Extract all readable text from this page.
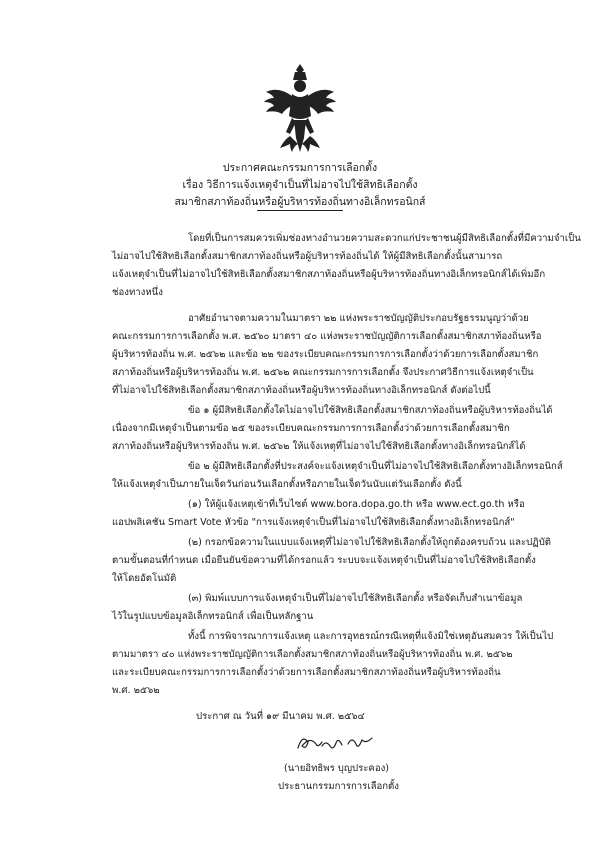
ประกาศคณะกรรมการการเลือกตั้ง
เรื่อง วิธีการแจ้งเหตุจำเป็นที่ไม่อาจไปใช้สิทธิเลือกตั้ง
สมาชิกสภาท้องถิ่นหรือผู้บริหารท้องถิ่นทางอิเล็กทรอนิกส์
โดยที่เป็นการสมควรเพิ่มช่องทางอำนวยความสะดวกแก่ประชาชนผู้มีสิทธิเลือกตั้งที่มีความจำเป็น
ไม่อาจไปใช้สิทธิเลือกตั้งสมาชิกสภาท้องถิ่นหรือผู้บริหารท้องถิ่นได้ ให้ผู้มีสิทธิเลือกตั้งนั้นสามารถ
แจ้งเหตุจำเป็นที่ไม่อาจไปใช้สิทธิเลือกตั้งสมาชิกสภาท้องถิ่นหรือผู้บริหารท้องถิ่นทางอิเล็กทรอนิกส์ได้เพิ่มอีก
ช่องทางหนึ่ง
อาศัยอำนาจตามความในมาตรา ๒๒ แห่งพระราชบัญญัติประกอบรัฐธรรมนูญว่าด้วย
คณะกรรมการการเลือกตั้ง พ.ศ. ๒๕๖๐ มาตรา ๔๐ แห่งพระราชบัญญัติการเลือกตั้งสมาชิกสภาท้องถิ่นหรือ
ผู้บริหารท้องถิ่น พ.ศ. ๒๕๖๒ และข้อ ๒๒ ของระเบียบคณะกรรมการการเลือกตั้งว่าด้วยการเลือกตั้งสมาชิก
สภาท้องถิ่นหรือผู้บริหารท้องถิ่น พ.ศ. ๒๕๖๒ คณะกรรมการการเลือกตั้ง จึงประกาศวิธีการแจ้งเหตุจำเป็น
ที่ไม่อาจไปใช้สิทธิเลือกตั้งสมาชิกสภาท้องถิ่นหรือผู้บริหารท้องถิ่นทางอิเล็กทรอนิกส์ ดังต่อไปนี้
ข้อ ๑ ผู้มีสิทธิเลือกตั้งใดไม่อาจไปใช้สิทธิเลือกตั้งสมาชิกสภาท้องถิ่นหรือผู้บริหารท้องถิ่นได้
เนื่องจากมีเหตุจำเป็นตามข้อ ๒๕ ของระเบียบคณะกรรมการการเลือกตั้งว่าด้วยการเลือกตั้งสมาชิก
สภาท้องถิ่นหรือผู้บริหารท้องถิ่น พ.ศ. ๒๕๖๒ ให้แจ้งเหตุที่ไม่อาจไปใช้สิทธิเลือกตั้งทางอิเล็กทรอนิกส์ได้
ข้อ ๒ ผู้มีสิทธิเลือกตั้งที่ประสงค์จะแจ้งเหตุจำเป็นที่ไม่อาจไปใช้สิทธิเลือกตั้งทางอิเล็กทรอนิกส์
ให้แจ้งเหตุจำเป็นภายในเจ็ดวันก่อนวันเลือกตั้งหรือภายในเจ็ดวันนับแต่วันเลือกตั้ง ดังนี้
(๑) ให้ผู้แจ้งเหตุเข้าที่เว็บไซต์ www.bora.dopa.go.th หรือ www.ect.go.th หรือ
แอปพลิเคชัน Smart Vote หัวข้อ "การแจ้งเหตุจำเป็นที่ไม่อาจไปใช้สิทธิเลือกตั้งทางอิเล็กทรอนิกส์"
(๒) กรอกข้อความในแบบแจ้งเหตุที่ไม่อาจไปใช้สิทธิเลือกตั้งให้ถูกต้องครบถ้วน และปฏิบัติ
ตามขั้นตอนที่กำหนด เมื่อยืนยันข้อความที่ได้กรอกแล้ว ระบบจะแจ้งเหตุจำเป็นที่ไม่อาจไปใช้สิทธิเลือกตั้ง
ให้โดยอัตโนมัติ
(๓) พิมพ์แบบการแจ้งเหตุจำเป็นที่ไม่อาจไปใช้สิทธิเลือกตั้ง หรือจัดเก็บสำเนาข้อมูล
ไว้ในรูปแบบข้อมูลอิเล็กทรอนิกส์ เพื่อเป็นหลักฐาน
ทั้งนี้ การพิจารณาการแจ้งเหตุ และการอุทธรณ์กรณีเหตุที่แจ้งมิใช่เหตุอันสมควร ให้เป็นไป
ตามมาตรา ๔๐ แห่งพระราชบัญญัติการเลือกตั้งสมาชิกสภาท้องถิ่นหรือผู้บริหารท้องถิ่น พ.ศ. ๒๕๖๒
และระเบียบคณะกรรมการการเลือกตั้งว่าด้วยการเลือกตั้งสมาชิกสภาท้องถิ่นหรือผู้บริหารท้องถิ่น
พ.ศ. ๒๕๖๒
ประกาศ ณ วันที่ ๑๙ มีนาคม พ.ศ. ๒๕๖๔
(นายอิทธิพร บุญประคอง)
ประธานกรรมการการเลือกตั้ง
